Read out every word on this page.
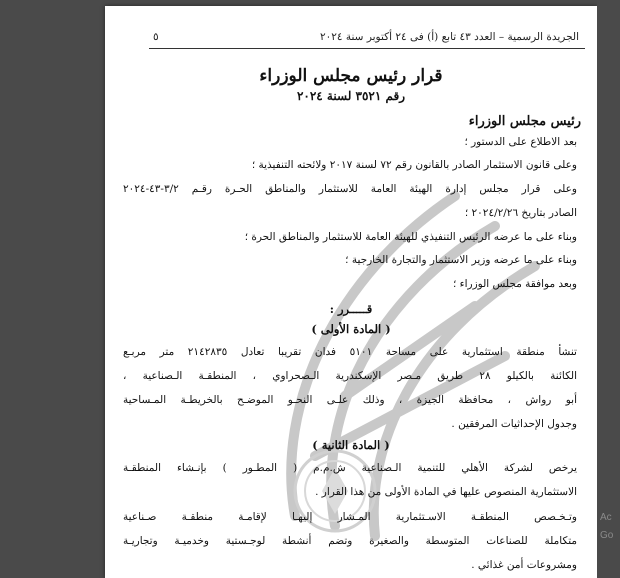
٥	الجريدة الرسمية – العدد ٤٣ تابع (أ) فى ٢٤ أكتوبر سنة ٢٠٢٤
قرار رئيس مجلس الوزراء
رقم ٣٥٢١ لسنة ٢٠٢٤
رئيس مجلس الوزراء
بعد الاطلاع على الدستور ؛
وعلى قانون الاستثمار الصادر بالقانون رقم ٧٢ لسنة ٢٠١٧ ولائحته التنفيذية ؛
وعلى قرار مجلس إدارة الهيئة العامة للاستثمار والمناطق الحـرة رقـم ٣/٢-٤٣-٢٠٢٤
الصادر بتاريخ ٢٠٢٤/٢/٢٦ ؛
وبناء على ما عرضه الرئيس التنفيذي للهيئة العامة للاستثمار والمناطق الحرة ؛
وبناء على ما عرضه وزير الاستثمار والتجارة الخارجية ؛
وبعد موافقة مجلس الوزراء ؛
قـــــرر :
( المادة الأولى )
تنشأ منطقة استثمارية على مساحة ٥١٠١ فدان تقريبا تعادل ٢١٤٢٨٣٥ متر مربـع
الكائنة بالكيلو ٢٨ طريق مـصر الإسكندرية الـصحراوي ، المنطقـة الـصناعية ،
أبو رواش ، محافظة الجيزة ، وذلك علـى النحـو الموضـح بالخريطـة المـساحية
وجدول الإحداثيات المرفقين .
( المادة الثانية )
يرخص لشركة الأهلي للتنمية الـصناعية ش.م.م ( المطـور ) بإنـشاء المنطقـة
الاستثمارية المنصوص عليها في المادة الأولى من هذا القرار .
وتـخـصص المنطقـة الاسـتثمارية المـشار إليهـا لإقامـة منطقـة صـناعية
متكاملة للصناعات المتوسطة والصغيرة وتضم أنشطة لوجـستية وخدميـة وتجاريـة
ومشروعات أمن غذائي .
Ac
Go
